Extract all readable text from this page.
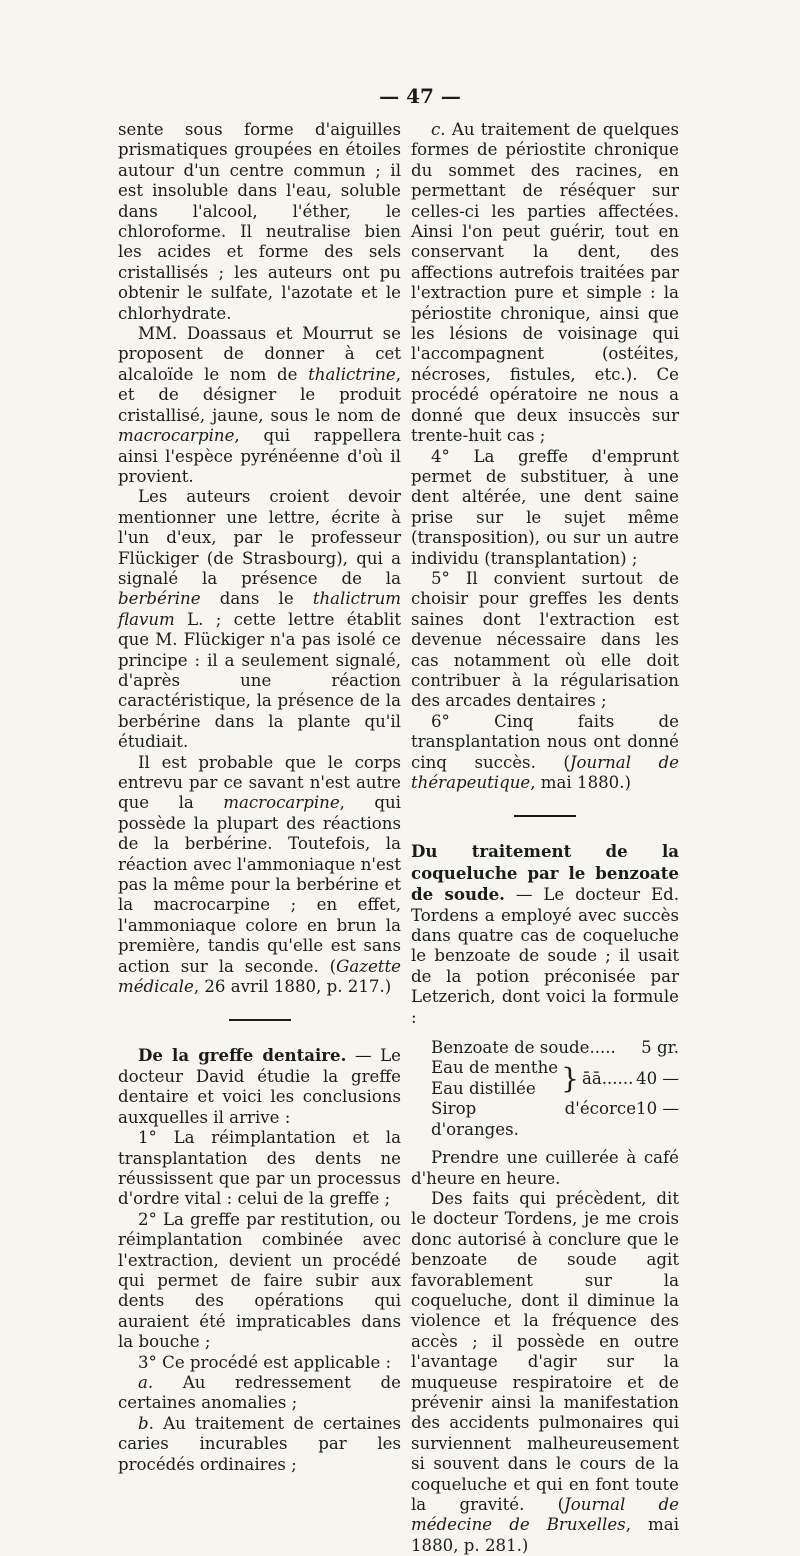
— 47 —

sente sous forme d'aiguilles prismatiques groupées en étoiles autour d'un centre commun ; il est insoluble dans l'eau, soluble dans l'alcool, l'éther, le chloroforme. Il neutralise bien les acides et forme des sels cristallisés ; les auteurs ont pu obtenir le sulfate, l'azotate et le chlorhydrate.

MM. Doassaus et Mourrut se proposent de donner à cet alcaloïde le nom de thalictrine, et de désigner le produit cristallisé, jaune, sous le nom de macrocarpine, qui rappellera ainsi l'espèce pyrénéenne d'où il provient.

Les auteurs croient devoir mentionner une lettre, écrite à l'un d'eux, par le professeur Flückiger (de Strasbourg), qui a signalé la présence de la berbérine dans le thalictrum flavum L. ; cette lettre établit que M. Flückiger n'a pas isolé ce principe : il a seulement signalé, d'après une réaction caractéristique, la présence de la berbérine dans la plante qu'il étudiait.

Il est probable que le corps entrevu par ce savant n'est autre que la macrocarpine, qui possède la plupart des réactions de la berbérine. Toutefois, la réaction avec l'ammoniaque n'est pas la même pour la berbérine et la macrocarpine ; en effet, l'ammoniaque colore en brun la première, tandis qu'elle est sans action sur la seconde. (Gazette médicale, 26 avril 1880, p. 217.)

De la greffe dentaire. — Le docteur David étudie la greffe dentaire et voici les conclusions auxquelles il arrive :

1° La réimplantation et la transplantation des dents ne réussissent que par un processus d'ordre vital : celui de la greffe ;

2° La greffe par restitution, ou réimplantation combinée avec l'extraction, devient un procédé qui permet de faire subir aux dents des opérations qui auraient été impraticables dans la bouche ;

3° Ce procédé est applicable :

a. Au redressement de certaines anomalies ;

b. Au traitement de certaines caries incurables par les procédés ordinaires ;

c. Au traitement de quelques formes de périostite chronique du sommet des racines, en permettant de réséquer sur celles-ci les parties affectées. Ainsi l'on peut guérir, tout en conservant la dent, des affections autrefois traitées par l'extraction pure et simple : la périostite chronique, ainsi que les lésions de voisinage qui l'accompagnent (ostéites, nécroses, fistules, etc.). Ce procédé opératoire ne nous a donné que deux insuccès sur trente-huit cas ;

4° La greffe d'emprunt permet de substituer, à une dent altérée, une dent saine prise sur le sujet même (transposition), ou sur un autre individu (transplantation) ;

5° Il convient surtout de choisir pour greffes les dents saines dont l'extraction est devenue nécessaire dans les cas notamment où elle doit contribuer à la régularisation des arcades dentaires ;

6° Cinq faits de transplantation nous ont donné cinq succès. (Journal de thérapeutique, mai 1880.)

Du traitement de la coqueluche par le benzoate de soude. — Le docteur Ed. Tordens a employé avec succès dans quatre cas de coqueluche le benzoate de soude ; il usait de la potion préconisée par Letzerich, dont voici la formule :

Benzoate de soude..... 5 gr.
Eau de menthe
Eau distillée } āā...... 40 —
Sirop d'écorce d'oranges.
10 —

Prendre une cuillerée à café d'heure en heure.

Des faits qui précèdent, dit le docteur Tordens, je me crois donc autorisé à conclure que le benzoate de soude agit favorablement sur la coqueluche, dont il diminue la violence et la fréquence des accès ; il possède en outre l'avantage d'agir sur la muqueuse respiratoire et de prévenir ainsi la manifestation des accidents pulmonaires qui surviennent malheureusement si souvent dans le cours de la coqueluche et qui en font toute la gravité. (Journal de médecine de Bruxelles, mai 1880, p. 281.)
